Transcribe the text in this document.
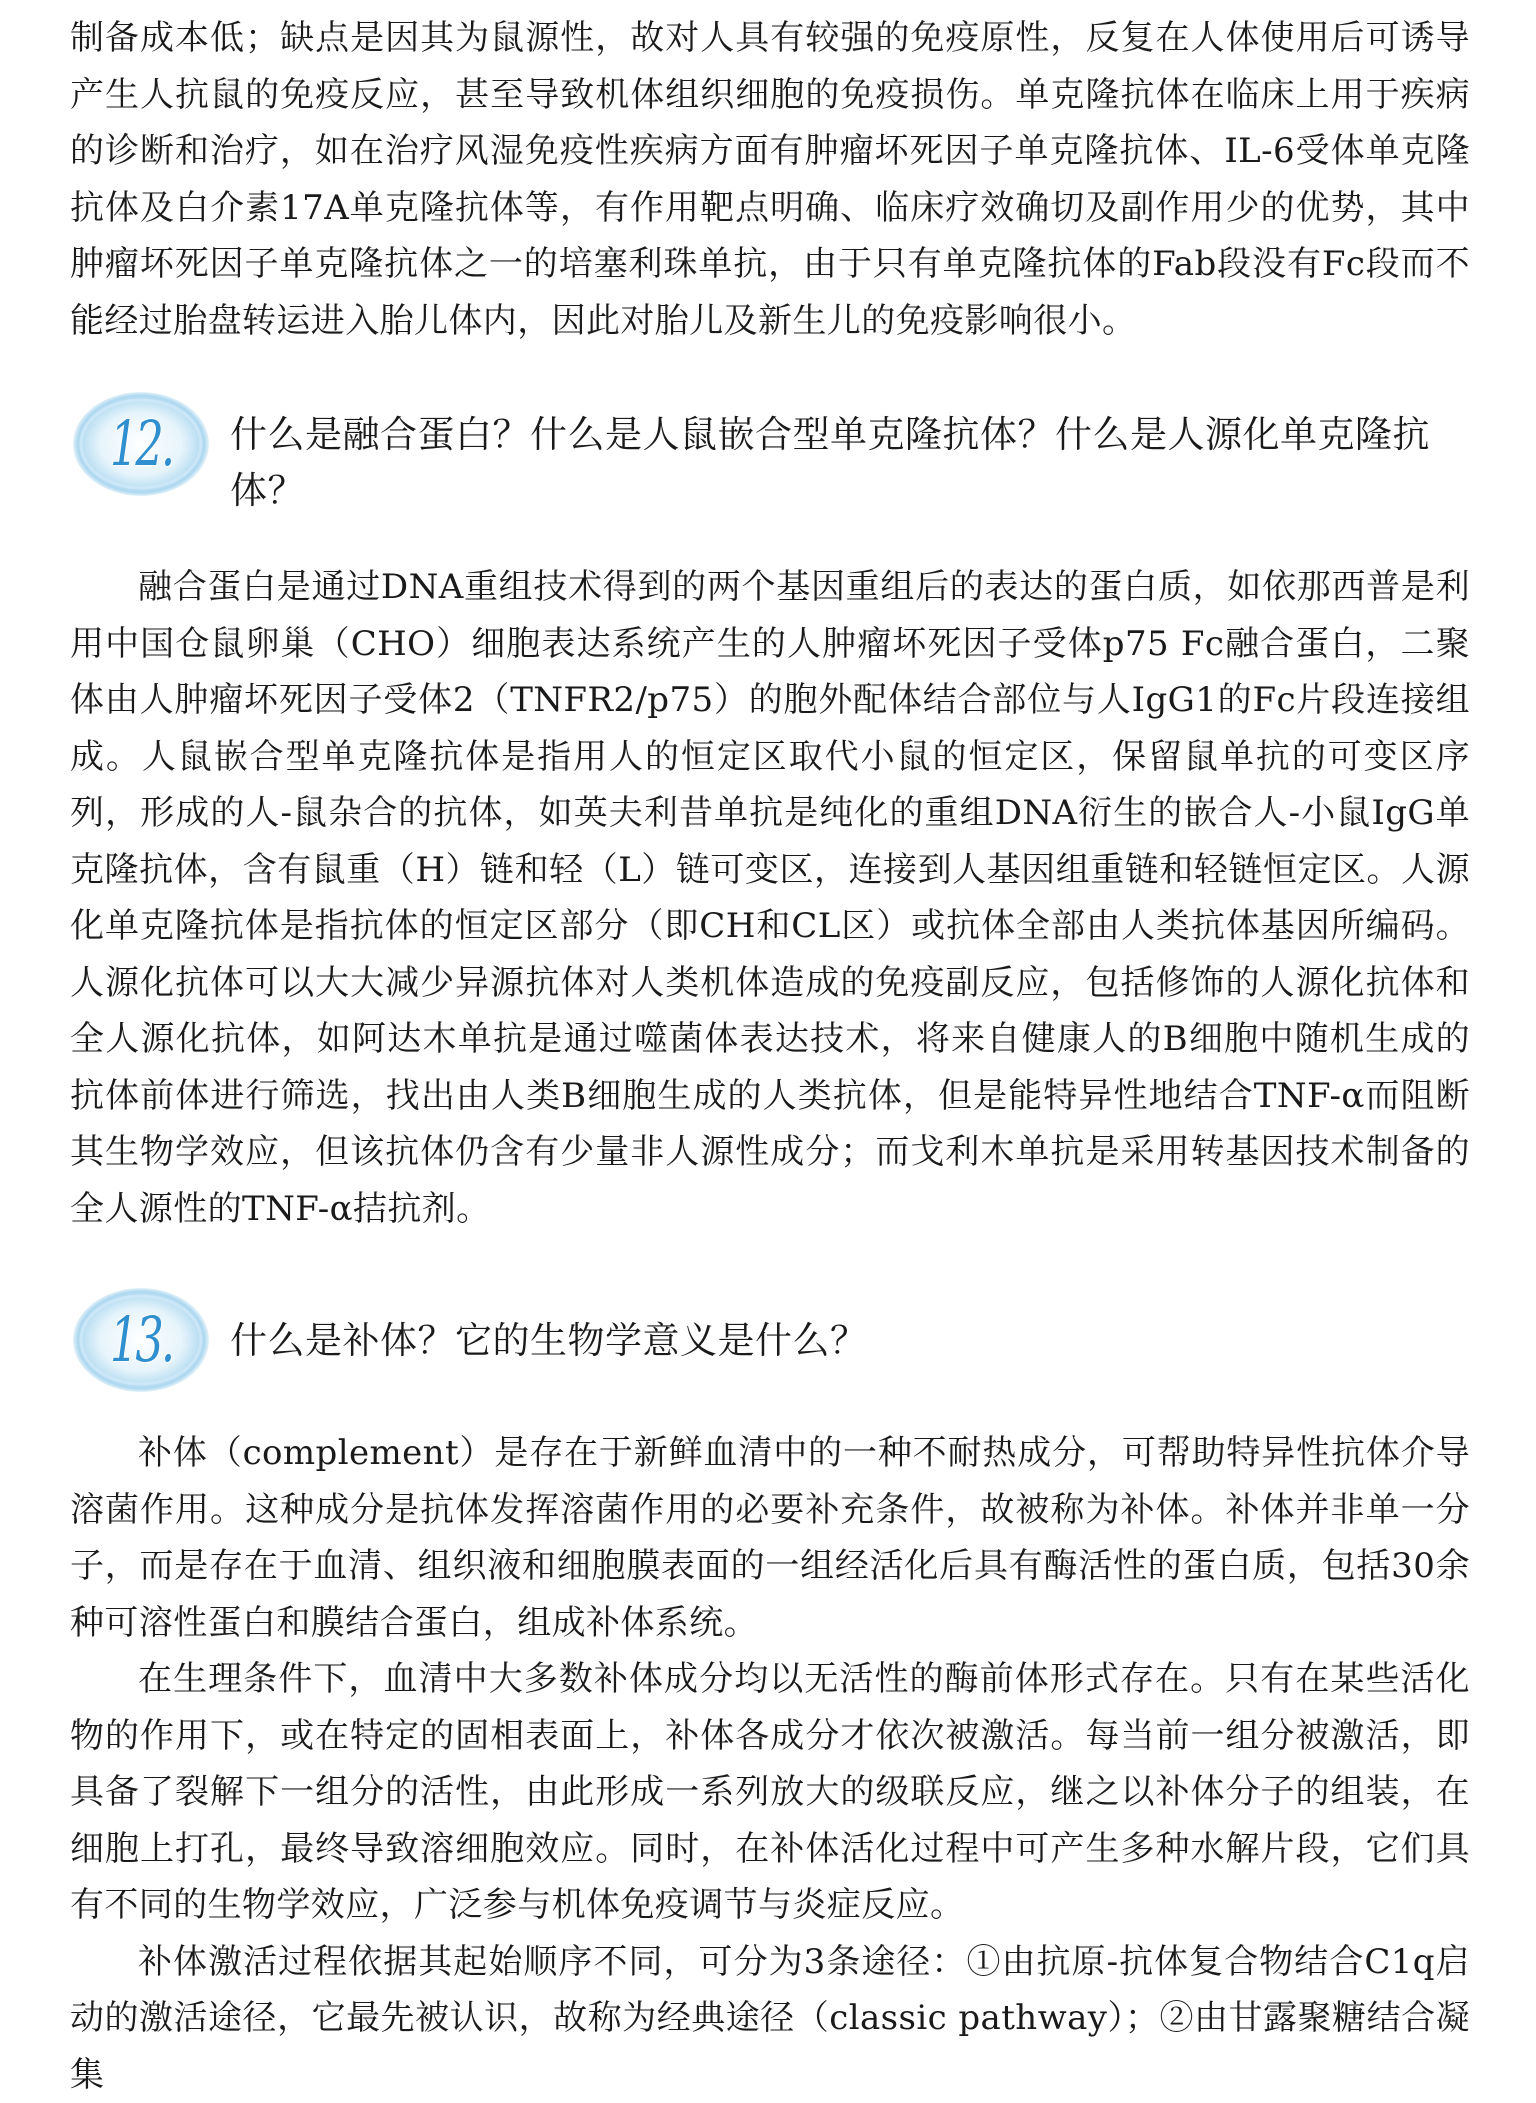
制备成本低；缺点是因其为鼠源性，故对人具有较强的免疫原性，反复在人体使用后可诱导产生人抗鼠的免疫反应，甚至导致机体组织细胞的免疫损伤。单克隆抗体在临床上用于疾病的诊断和治疗，如在治疗风湿免疫性疾病方面有肿瘤坏死因子单克隆抗体、IL-6受体单克隆抗体及白介素17A单克隆抗体等，有作用靶点明确、临床疗效确切及副作用少的优势，其中肿瘤坏死因子单克隆抗体之一的培塞利珠单抗，由于只有单克隆抗体的Fab段没有Fc段而不能经过胎盘转运进入胎儿体内，因此对胎儿及新生儿的免疫影响很小。

12.	什么是融合蛋白？什么是人鼠嵌合型单克隆抗体？什么是人源化单克隆抗体？

融合蛋白是通过DNA重组技术得到的两个基因重组后的表达的蛋白质，如依那西普是利用中国仓鼠卵巢（CHO）细胞表达系统产生的人肿瘤坏死因子受体p75 Fc融合蛋白，二聚体由人肿瘤坏死因子受体2（TNFR2/p75）的胞外配体结合部位与人IgG1的Fc片段连接组成。人鼠嵌合型单克隆抗体是指用人的恒定区取代小鼠的恒定区，保留鼠单抗的可变区序列，形成的人-鼠杂合的抗体，如英夫利昔单抗是纯化的重组DNA衍生的嵌合人-小鼠IgG单克隆抗体，含有鼠重（H）链和轻（L）链可变区，连接到人基因组重链和轻链恒定区。人源化单克隆抗体是指抗体的恒定区部分（即CH和CL区）或抗体全部由人类抗体基因所编码。人源化抗体可以大大减少异源抗体对人类机体造成的免疫副反应，包括修饰的人源化抗体和全人源化抗体，如阿达木单抗是通过噬菌体表达技术，将来自健康人的B细胞中随机生成的抗体前体进行筛选，找出由人类B细胞生成的人类抗体，但是能特异性地结合TNF-α而阻断其生物学效应，但该抗体仍含有少量非人源性成分；而戈利木单抗是采用转基因技术制备的全人源性的TNF-α拮抗剂。

13.	什么是补体？它的生物学意义是什么？

补体（complement）是存在于新鲜血清中的一种不耐热成分，可帮助特异性抗体介导溶菌作用。这种成分是抗体发挥溶菌作用的必要补充条件，故被称为补体。补体并非单一分子，而是存在于血清、组织液和细胞膜表面的一组经活化后具有酶活性的蛋白质，包括30余种可溶性蛋白和膜结合蛋白，组成补体系统。

在生理条件下，血清中大多数补体成分均以无活性的酶前体形式存在。只有在某些活化物的作用下，或在特定的固相表面上，补体各成分才依次被激活。每当前一组分被激活，即具备了裂解下一组分的活性，由此形成一系列放大的级联反应，继之以补体分子的组装，在细胞上打孔，最终导致溶细胞效应。同时，在补体活化过程中可产生多种水解片段，它们具有不同的生物学效应，广泛参与机体免疫调节与炎症反应。

补体激活过程依据其起始顺序不同，可分为3条途径：①由抗原-抗体复合物结合C1q启动的激活途径，它最先被认识，故称为经典途径（classic pathway）；②由甘露聚糖结合凝集
